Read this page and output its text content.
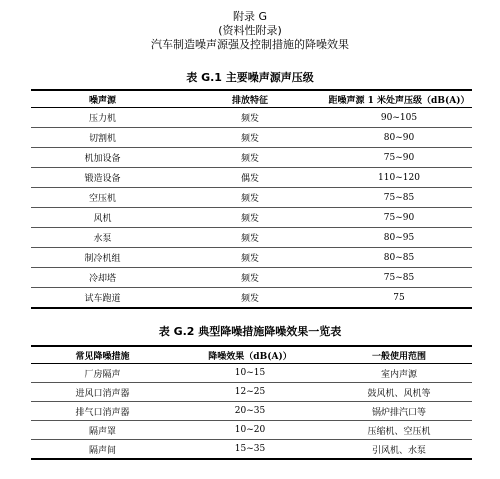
附录 G
(资料性附录)
汽车制造噪声源强及控制措施的降噪效果
表 G.1 主要噪声源声压级
噪声源	排放特征	距噪声源 1 米处声压级（dB(A)）
压力机	频发	90~105
切割机	频发	80~90
机加设备	频发	75~90
锻造设备	偶发	110~120
空压机	频发	75~85
风机	频发	75~90
水泵	频发	80~95
制冷机组	频发	80~85
冷却塔	频发	75~85
试车跑道	频发	75
表 G.2 典型降噪措施降噪效果一览表
常见降噪措施	降噪效果（dB(A)）	一般使用范围
厂房隔声	10~15	室内声源
进风口消声器	12~25	鼓风机、风机等
排气口消声器	20~35	锅炉排汽口等
隔声罩	10~20	压缩机、空压机
隔声间	15~35	引风机、水泵
